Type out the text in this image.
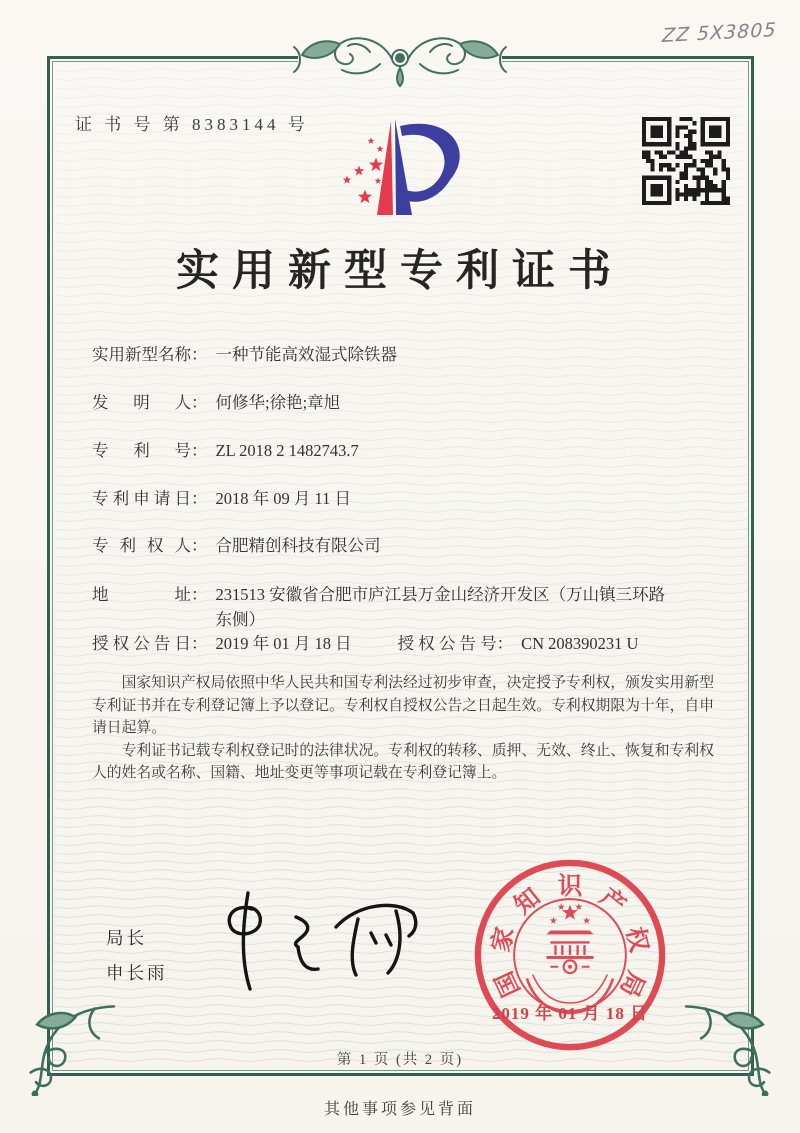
ZZ 5X3805
证 书 号 第 8383144 号
实用新型专利证书
实用新型名称： 一种节能高效湿式除铁器
发明人： 何修华;徐艳;章旭
专利号： ZL 2018 2 1482743.7
专利申请日： 2018 年 09 月 11 日
专利权人： 合肥精创科技有限公司
地址： 231513 安徽省合肥市庐江县万金山经济开发区（万山镇三环路东侧）
授权公告日： 2019 年 01 月 18 日	授权公告号： CN 208390231 U

国家知识产权局依照中华人民共和国专利法经过初步审查，决定授予专利权，颁发实用新型专利证书并在专利登记簿上予以登记。专利权自授权公告之日起生效。专利权期限为十年，自申请日起算。

专利证书记载专利权登记时的法律状况。专利权的转移、质押、无效、终止、恢复和专利权人的姓名或名称、国籍、地址变更等事项记载在专利登记簿上。

局长
申长雨	国
家
知 识 产
权
局
2019 年 01 月 18 日
第 1 页 (共 2 页)
其他事项参见背面
